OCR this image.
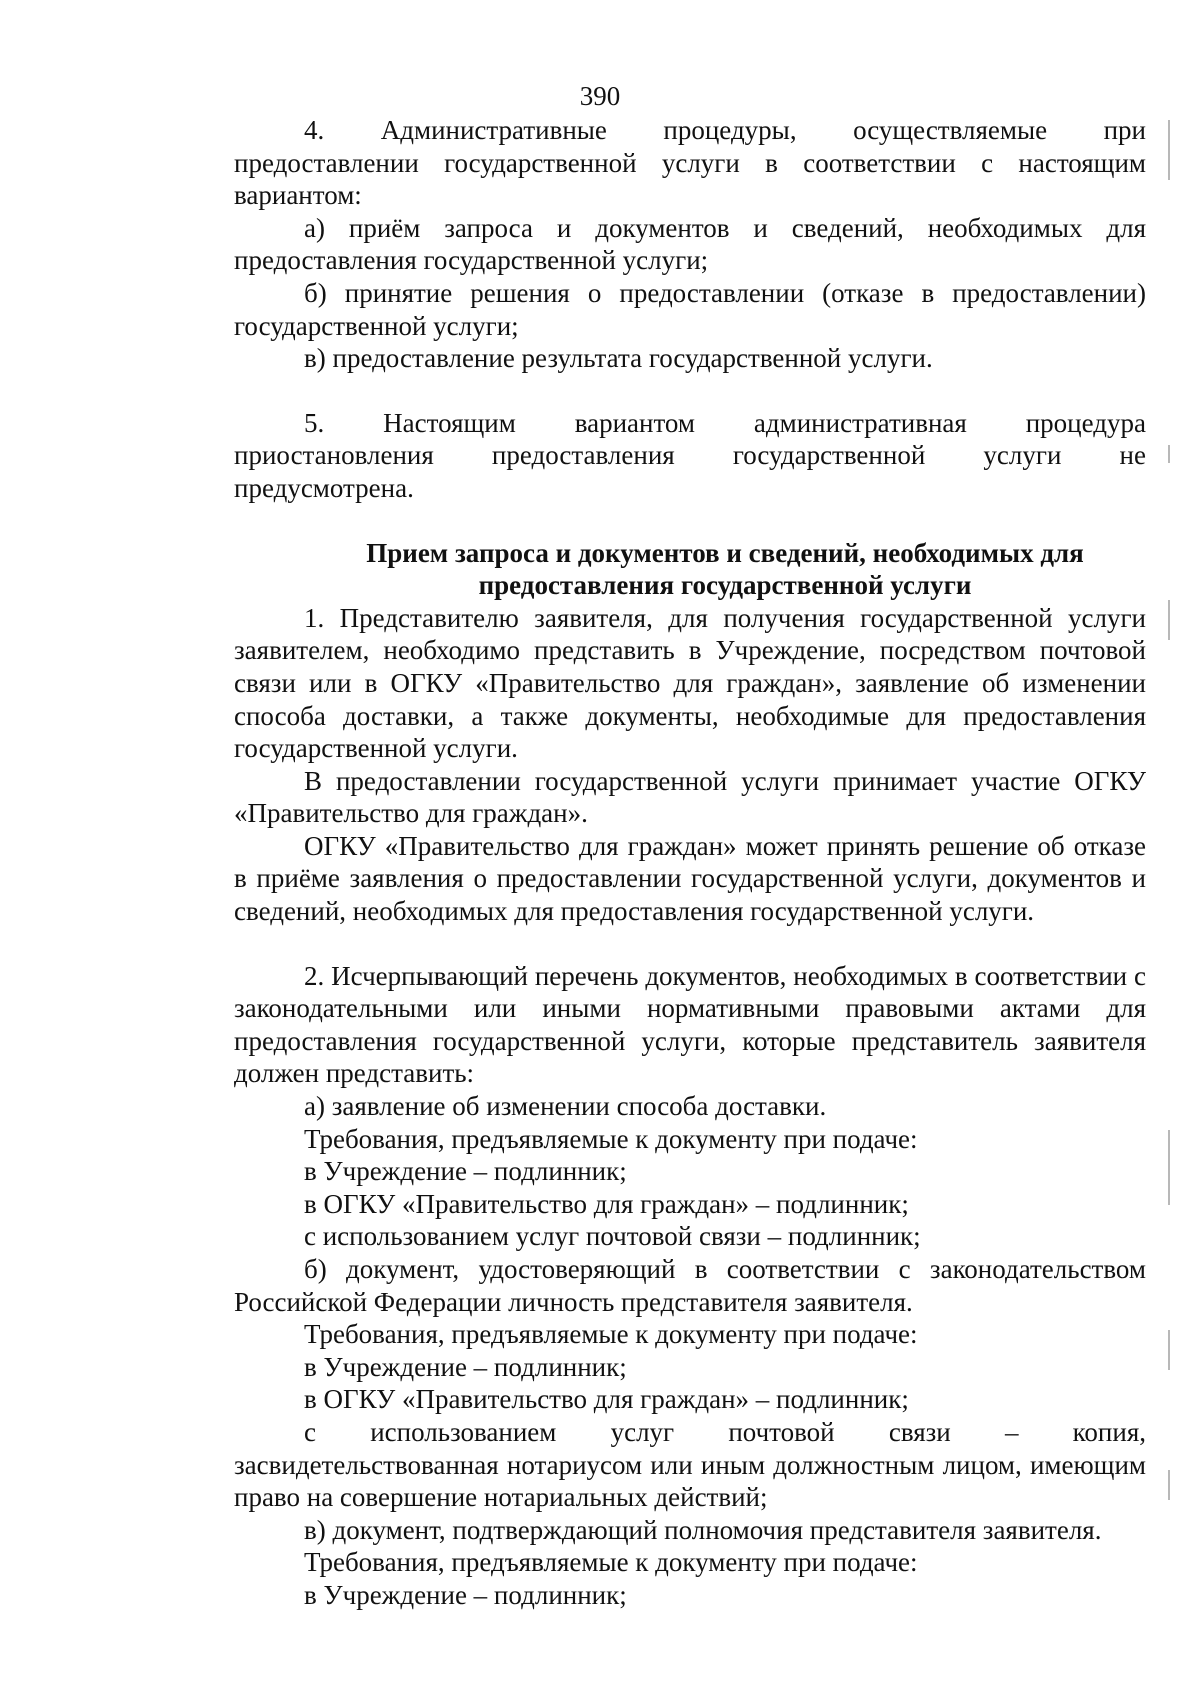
390

4. Административные процедуры, осуществляемые при

предоставлении государственной услуги в соответствии с настоящим вариантом:

а) приём запроса и документов и сведений, необходимых для предоставления государственной услуги;

б) принятие решения о предоставлении (отказе в предоставлении) государственной услуги;

в) предоставление результата государственной услуги.

5. Настоящим вариантом административная процедура

приостановления предоставления государственной услуги не

предусмотрена.

Прием запроса и документов и сведений, необходимых для предоставления государственной услуги

1. Представителю заявителя, для получения государственной услуги заявителем, необходимо представить в Учреждение, посредством почтовой связи или в ОГКУ «Правительство для граждан», заявление об изменении способа доставки, а также документы, необходимые для предоставления государственной услуги.

В предоставлении государственной услуги принимает участие ОГКУ «Правительство для граждан».

ОГКУ «Правительство для граждан» может принять решение об отказе в приёме заявления о предоставлении государственной услуги, документов и сведений, необходимых для предоставления государственной услуги.

2. Исчерпывающий перечень документов, необходимых в соответствии с законодательными или иными нормативными правовыми актами для предоставления государственной услуги, которые представитель заявителя должен представить:

а) заявление об изменении способа доставки.

Требования, предъявляемые к документу при подаче:

в Учреждение – подлинник;

в ОГКУ «Правительство для граждан» – подлинник;

с использованием услуг почтовой связи – подлинник;

б) документ, удостоверяющий в соответствии с законодательством Российской Федерации личность представителя заявителя.

Требования, предъявляемые к документу при подаче:

в Учреждение – подлинник;

в ОГКУ «Правительство для граждан» – подлинник;

с использованием услуг почтовой связи – копия,

засвидетельствованная нотариусом или иным должностным лицом, имеющим право на совершение нотариальных действий;

в) документ, подтверждающий полномочия представителя заявителя.

Требования, предъявляемые к документу при подаче:

в Учреждение – подлинник;
